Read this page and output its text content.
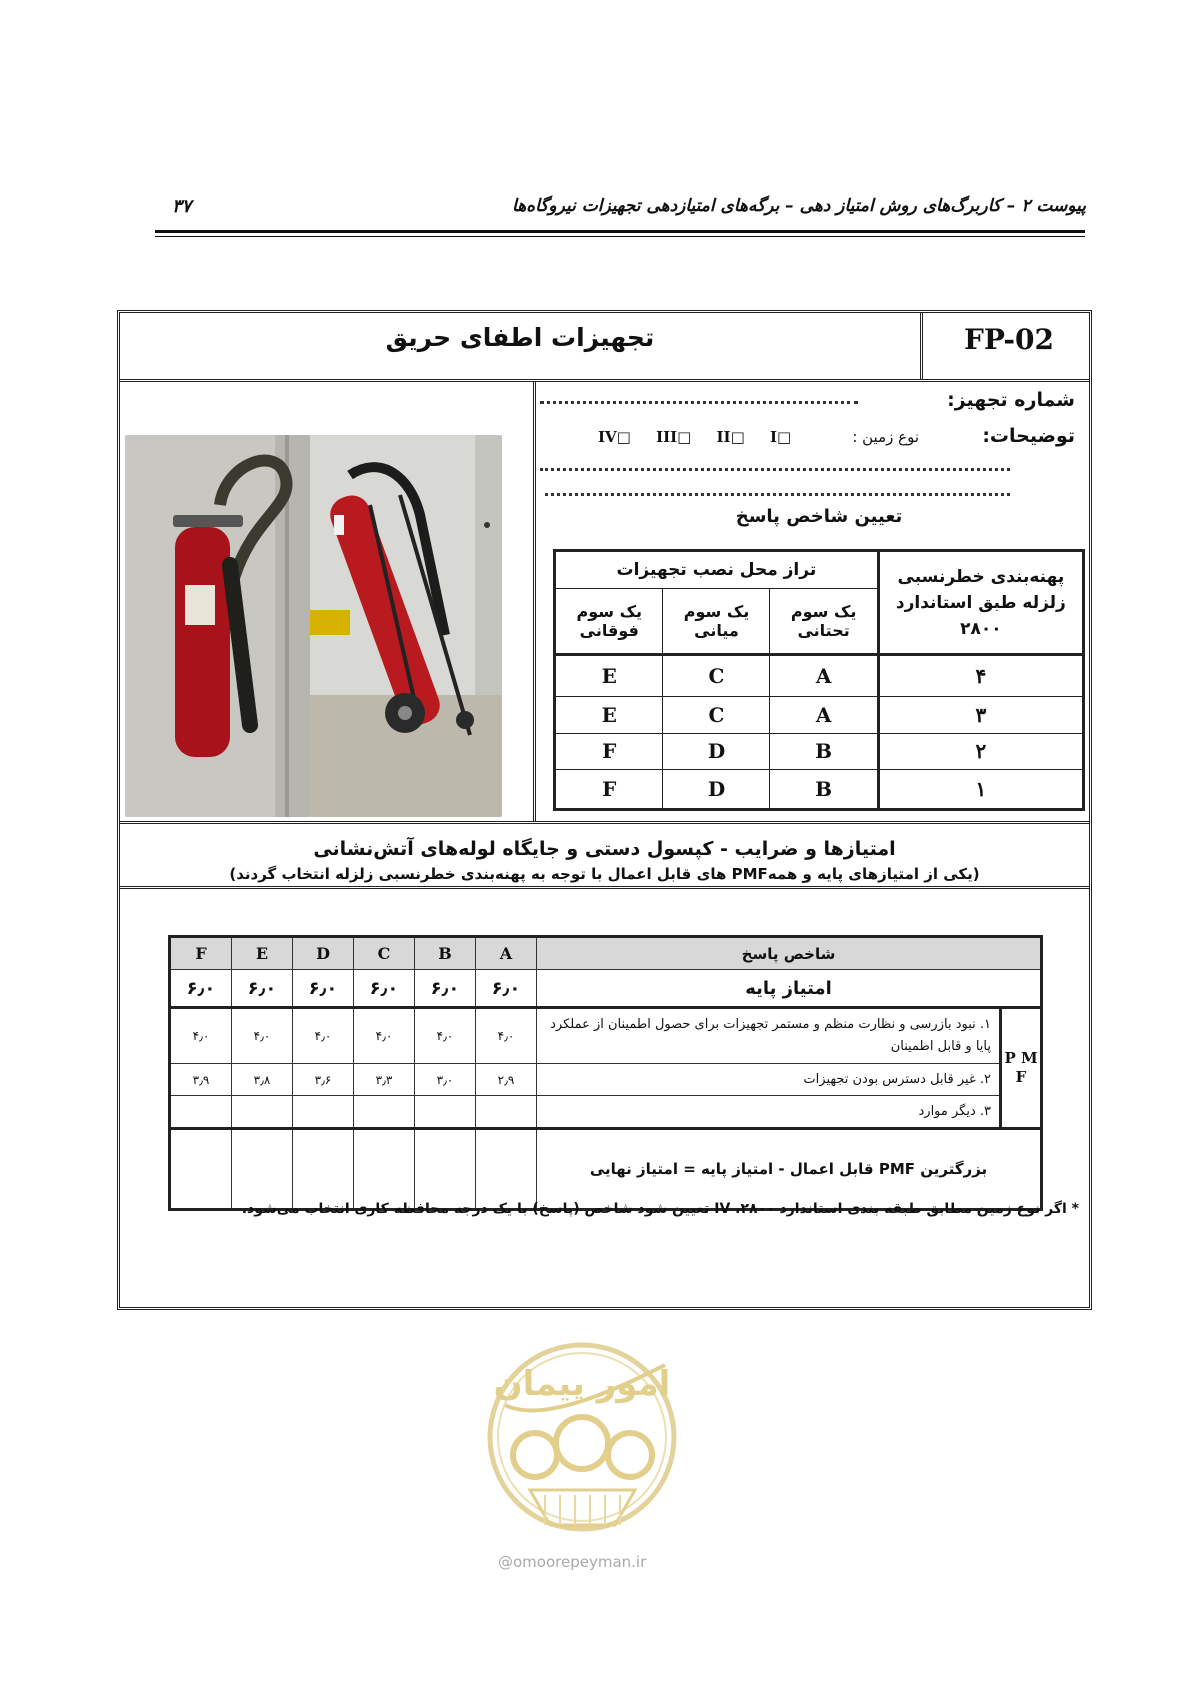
پیوست ۲ – کاربرگ‌های روش امتیاز دهی – برگه‌های امتیازدهی تجهیزات نیروگاه‌ها
۳۷
تجهیزات اطفای حریق	FP-02
شماره تجهیز:
توضیحات:
نوع زمین :
IV□ III□ II□ I□
تعیین شاخص پاسخ
پهنه‌بندی خطرنسبی زلزله طبق استاندارد ۲۸۰۰	تراز محل نصب تجهیزات		
	یک سوم تحتانی	یک سوم میانی	یک سوم فوقانی
۴	A	C	E
۳	A	C	E
۲	B	D	F
۱	B	D	F
امتیازها و ضرایب - کپسول دستی و جایگاه لوله‌های آتش‌نشانی
(یکی از امتیازهای پایه و همهPMF های قابل اعمال با توجه به پهنه‌بندی خطرنسبی زلزله انتخاب گردند)
شاخص پاسخ		A	B	C	D	E	F
امتیاز پایه		۶٫۰	۶٫۰	۶٫۰	۶٫۰	۶٫۰	۶٫۰
P M F	۱. نبود بازرسی و نظارت منظم و مستمر تجهیزات برای حصول اطمینان از عملکرد پایا و قابل اطمینان	۴٫۰	۴٫۰	۴٫۰	۴٫۰	۴٫۰	۴٫۰
	۲. غیر قابل دسترس بودن تجهیزات	۲٫۹	۳٫۰	۳٫۳	۳٫۶	۳٫۸	۳٫۹
	۳. دیگر موارد						
بزرگترین PMF قابل اعمال - امتیاز پایه = امتیاز نهایی							
* اگر نوع زمین مطابق طبقه بندی استاندارد ۲۸۰۰، IV تعیین شود شاخص (پاسخ) با یک درجه محافظه کاری انتخاب می‌شود.
امور پیمان
@omoorepeyman.ir
